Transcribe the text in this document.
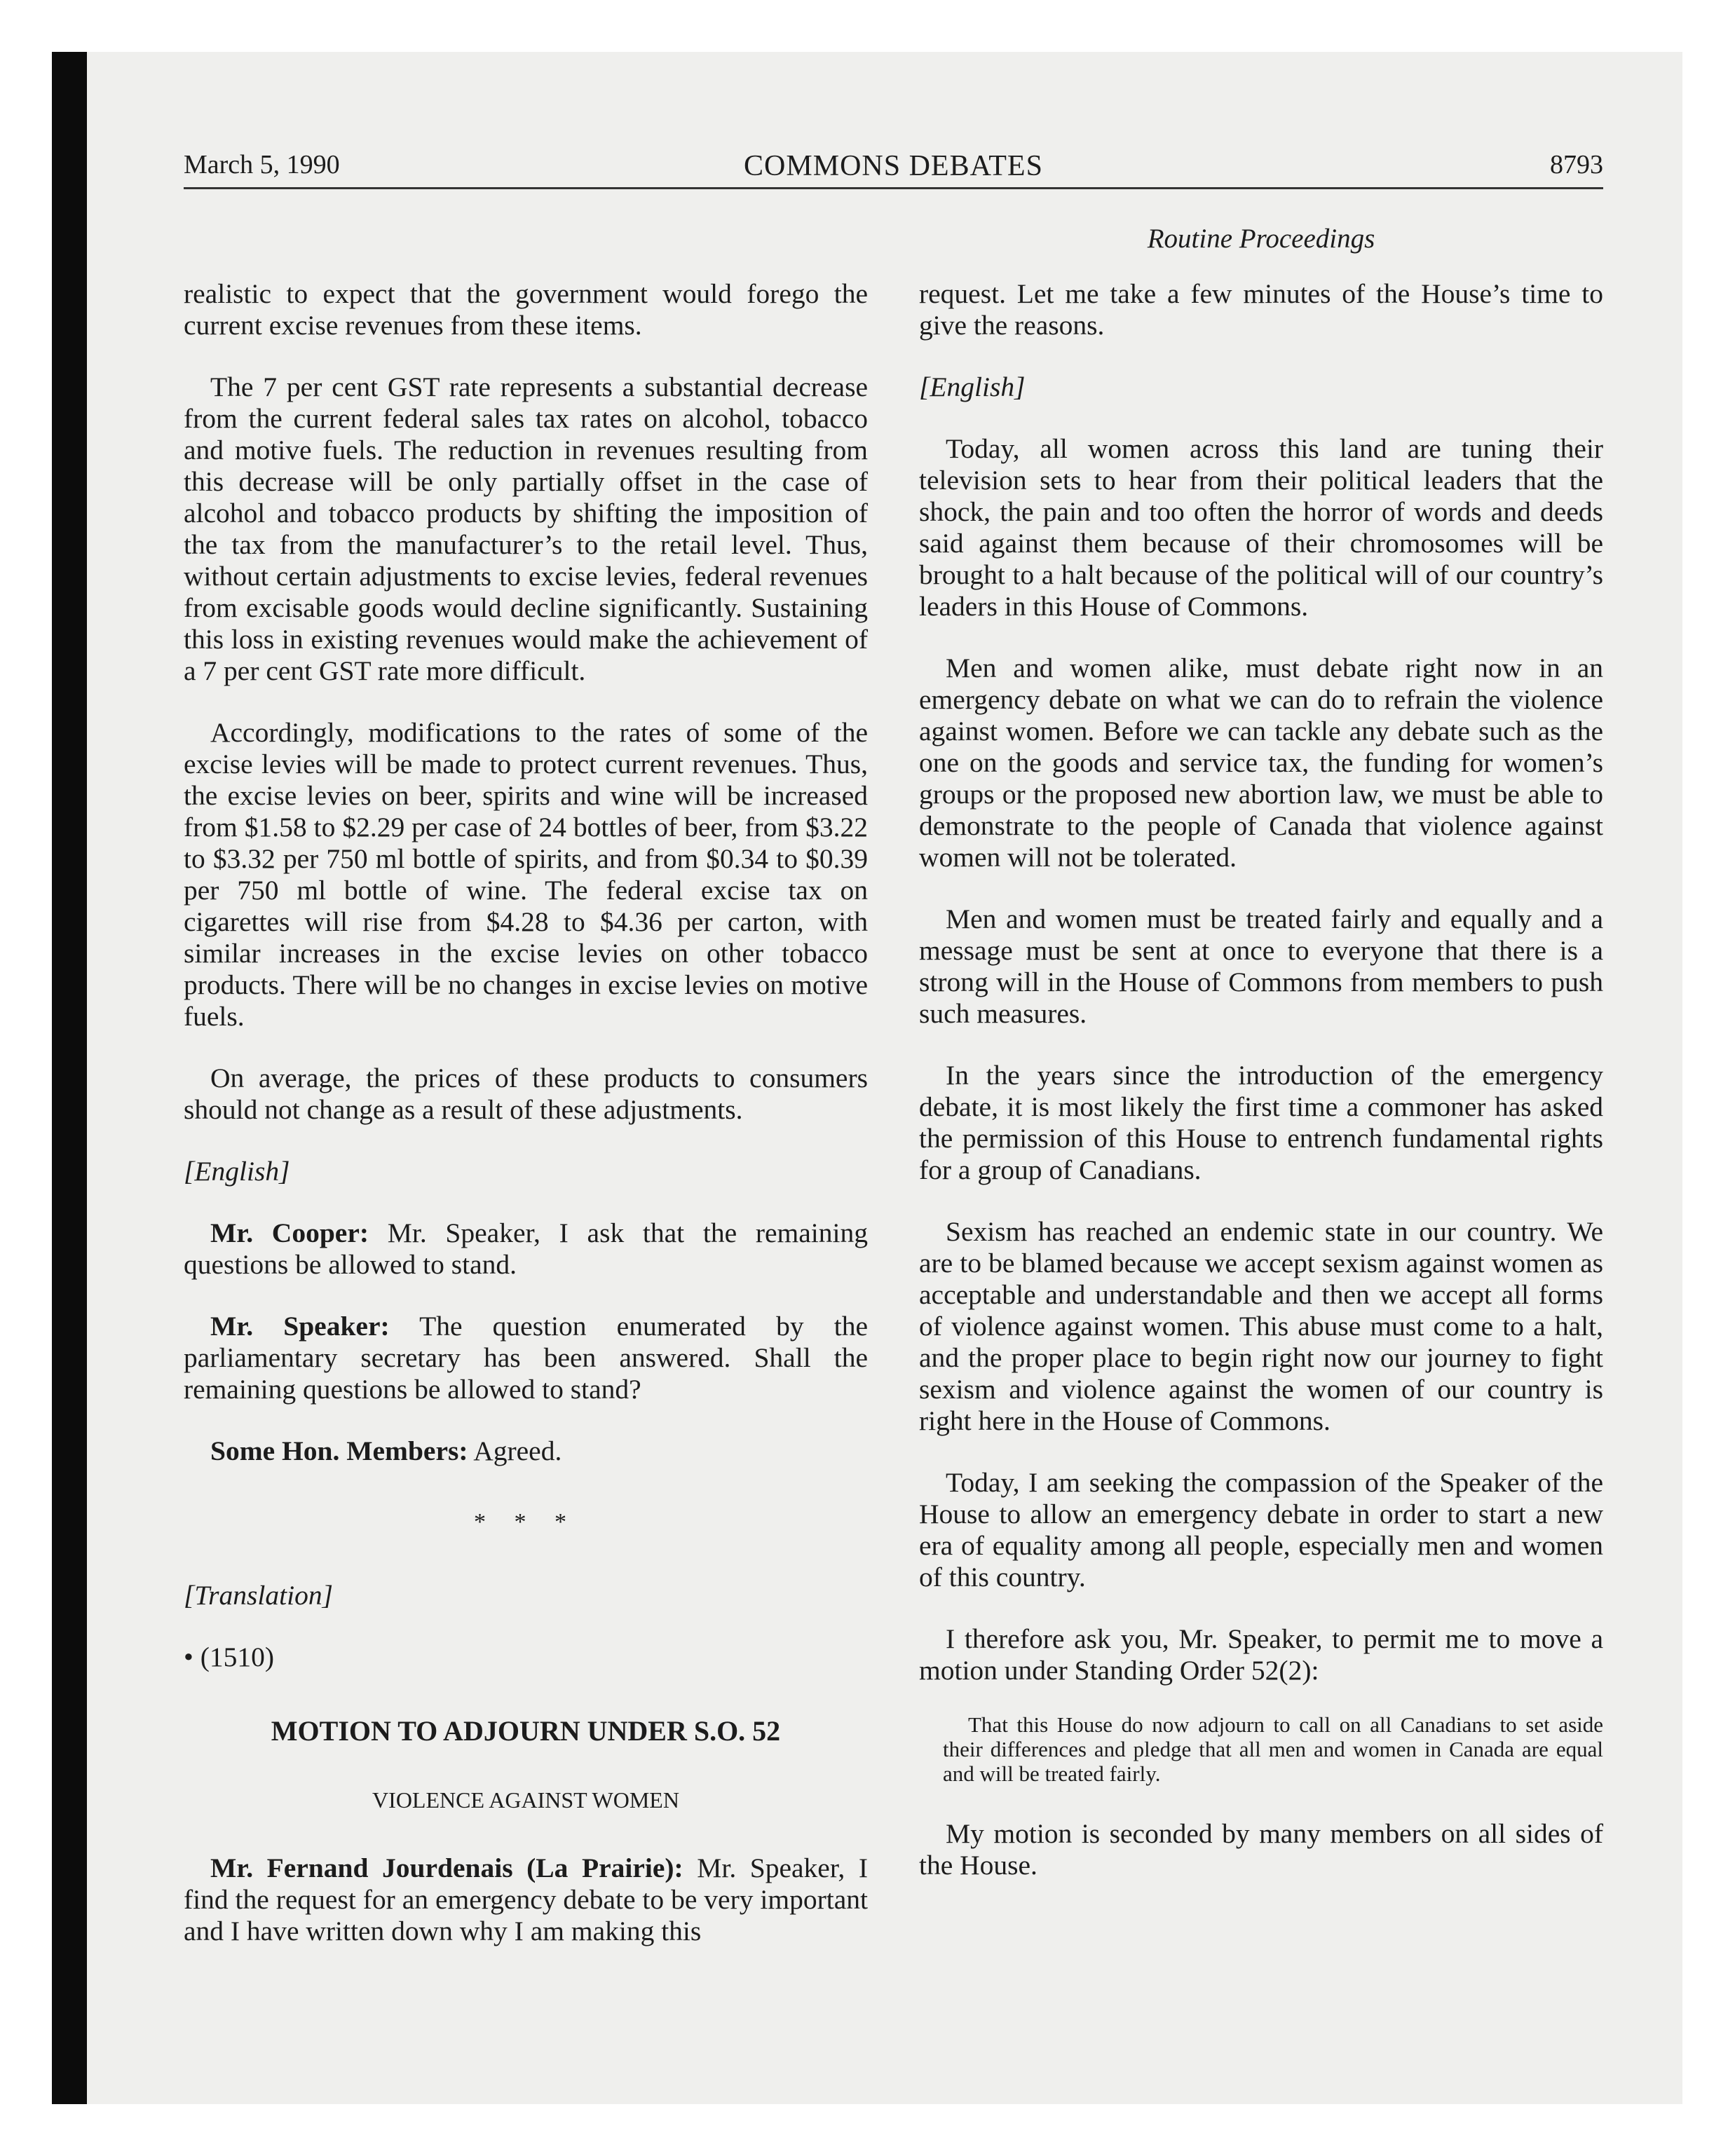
March 5, 1990	COMMONS DEBATES	8793
Routine Proceedings

realistic to expect that the government would forego the current excise revenues from these items.

The 7 per cent GST rate represents a substantial decrease from the current federal sales tax rates on alcohol, tobacco and motive fuels. The reduction in revenues resulting from this decrease will be only partially offset in the case of alcohol and tobacco products by shifting the imposition of the tax from the manufacturer’s to the retail level. Thus, without certain adjustments to excise levies, federal revenues from excisable goods would decline significantly. Sustaining this loss in existing revenues would make the achievement of a 7 per cent GST rate more difficult.

Accordingly, modifications to the rates of some of the excise levies will be made to protect current revenues. Thus, the excise levies on beer, spirits and wine will be increased from $1.58 to $2.29 per case of 24 bottles of beer, from $3.22 to $3.32 per 750 ml bottle of spirits, and from $0.34 to $0.39 per 750 ml bottle of wine. The federal excise tax on cigarettes will rise from $4.28 to $4.36 per carton, with similar increases in the excise levies on other tobacco products. There will be no changes in excise levies on motive fuels.

On average, the prices of these products to consumers should not change as a result of these adjustments.

[English]

Mr. Cooper: Mr. Speaker, I ask that the remaining questions be allowed to stand.

Mr. Speaker: The question enumerated by the parliamentary secretary has been answered. Shall the remaining questions be allowed to stand?

Some Hon. Members: Agreed.

* * *

[Translation]

• (1510)
MOTION TO ADJOURN UNDER S.O. 52
VIOLENCE AGAINST WOMEN

Mr. Fernand Jourdenais (La Prairie): Mr. Speaker, I find the request for an emergency debate to be very important and I have written down why I am making this

request. Let me take a few minutes of the House’s time to give the reasons.

[English]

Today, all women across this land are tuning their television sets to hear from their political leaders that the shock, the pain and too often the horror of words and deeds said against them because of their chromosomes will be brought to a halt because of the political will of our country’s leaders in this House of Commons.

Men and women alike, must debate right now in an emergency debate on what we can do to refrain the violence against women. Before we can tackle any debate such as the one on the goods and service tax, the funding for women’s groups or the proposed new abortion law, we must be able to demonstrate to the people of Canada that violence against women will not be tolerated.

Men and women must be treated fairly and equally and a message must be sent at once to everyone that there is a strong will in the House of Commons from members to push such measures.

In the years since the introduction of the emergency debate, it is most likely the first time a commoner has asked the permission of this House to entrench fundamental rights for a group of Canadians.

Sexism has reached an endemic state in our country. We are to be blamed because we accept sexism against women as acceptable and understandable and then we accept all forms of violence against women. This abuse must come to a halt, and the proper place to begin right now our journey to fight sexism and violence against the women of our country is right here in the House of Commons.

Today, I am seeking the compassion of the Speaker of the House to allow an emergency debate in order to start a new era of equality among all people, especially men and women of this country.

I therefore ask you, Mr. Speaker, to permit me to move a motion under Standing Order 52(2):

That this House do now adjourn to call on all Canadians to set aside their differences and pledge that all men and women in Canada are equal and will be treated fairly.

My motion is seconded by many members on all sides of the House.
